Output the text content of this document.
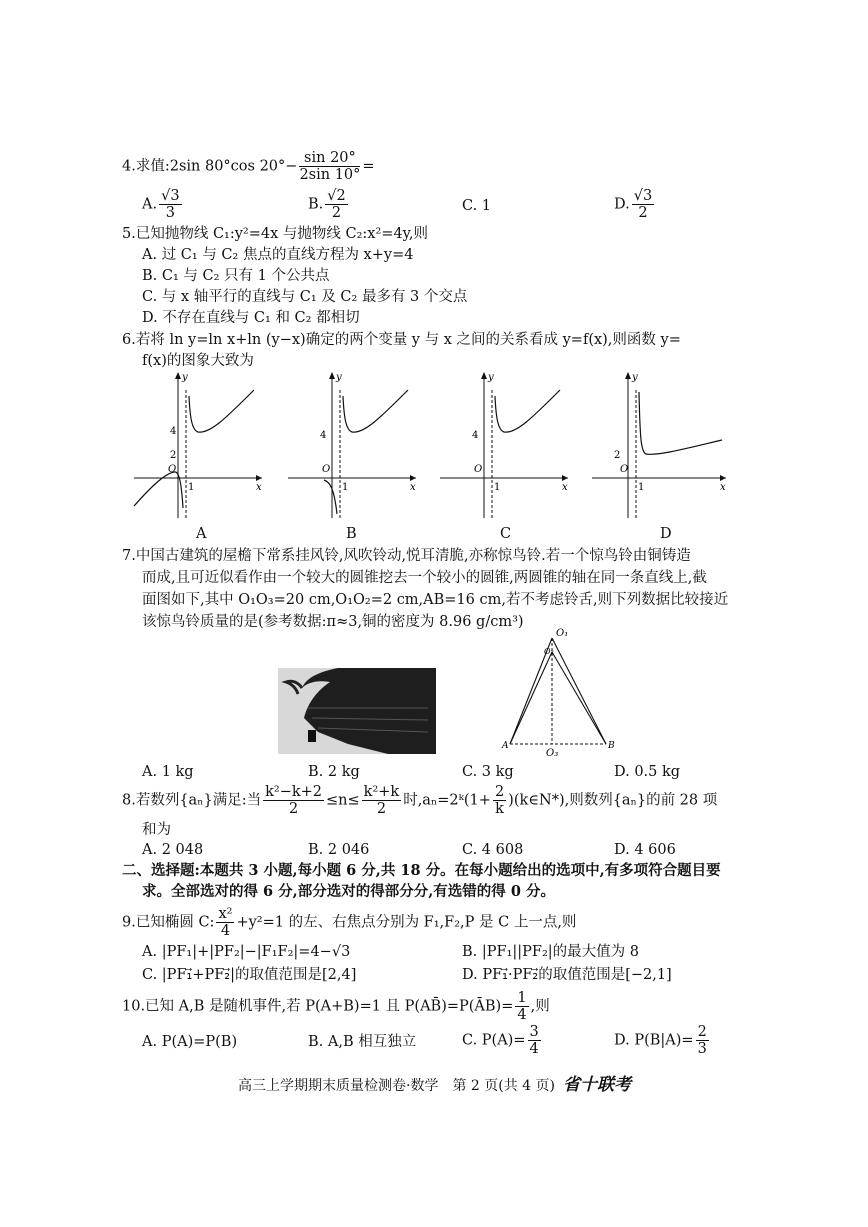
4.求值:2sin 80°cos $20^\circ- \frac{\sin 20^\circ}{2\sin 10^\circ}$ =
A. $\frac{√3}{3}$	B. $\frac{√2}{2}$	C. 1	D. $\frac{√3}{2}$
5.已知抛物线 C₁:y²=4x 与抛物线 C₂:x²=4y,则
A. 过 C₁ 与 C₂ 焦点的直线方程为 x+y=4
B. C₁ 与 C₂ 只有 1 个公共点
C. 与 x 轴平行的直线与 C₁ 及 C₂ 最多有 3 个交点
D. 不存在直线与 C₁ 和 C₂ 都相切
6.若将 ln y=ln x+ln (y−x)确定的两个变量 y 与 x 之间的关系看成 y=f(x),则函数 y=
f(x)的图象大致为
4
2
O
1
y
x
A
4
O
1
y
x
B
4
O
1
y
x
C
2
O
1
y
x
D
7.中国古建筑的屋檐下常系挂风铃,风吹铃动,悦耳清脆,亦称惊鸟铃.若一个惊鸟铃由铜铸造
而成,且可近似看作由一个较大的圆锥挖去一个较小的圆锥,两圆锥的轴在同一条直线上,截
面图如下,其中 O₁O₃=20 cm,O₁O₂=2 cm,AB=16 cm,若不考虑铃舌,则下列数据比较接近
该惊鸟铃质量的是(参考数据:π≈3,铜的密度为 8.96 g/cm³)
O₁
O₂
O₃
A	B
A. 1 kg	B. 2 kg	C. 3 kg	D. 0.5 kg
8.若数列{aₙ}满足:当 $\frac{\text{k²−k+2}}{2} \le n\le \frac{\text{k²+k}}{2}$ 时,aₙ=2ᵏ(1+ $\frac{2}{k}$ )(k∈N*),则数列{aₙ}的前 28 项
和为
A. 2 048	B. 2 046	C. 4 608	D. 4 606
二、选择题:本题共 3 小题,每小题 6 分,共 18 分。在每小题给出的选项中,有多项符合题目要
求。全部选对的得 6 分,部分选对的得部分分,有选错的得 0 分。
9.已知椭圆 C: $\frac{\text{x²}}{4} +y^2=1$ 的左、右焦点分别为 F₁,F₂,P 是 C 上一点,则
A. |PF₁|+|PF₂|−|F₁F₂|=4−√3	B. |PF₁||PF₂|的最大值为 8
C. |PF₁⃗+PF₂⃗|的取值范围是[2,4]	D. PF₁⃗·PF₂⃗的取值范围是[−2,1]
10.已知 A,B 是随机事件,若 P(A+B)=1 且 P(AB̄)=P(ĀB)= $\frac{1}{4}$ ,则
A. P(A)=P(B)	B. A,B 相互独立	C. $P(A)= \frac{3}{4}$	D. $P(B|A)= \frac{2}{3}$
高三上学期期末质量检测卷·数学　第 2 页(共 4 页) 省十联考
